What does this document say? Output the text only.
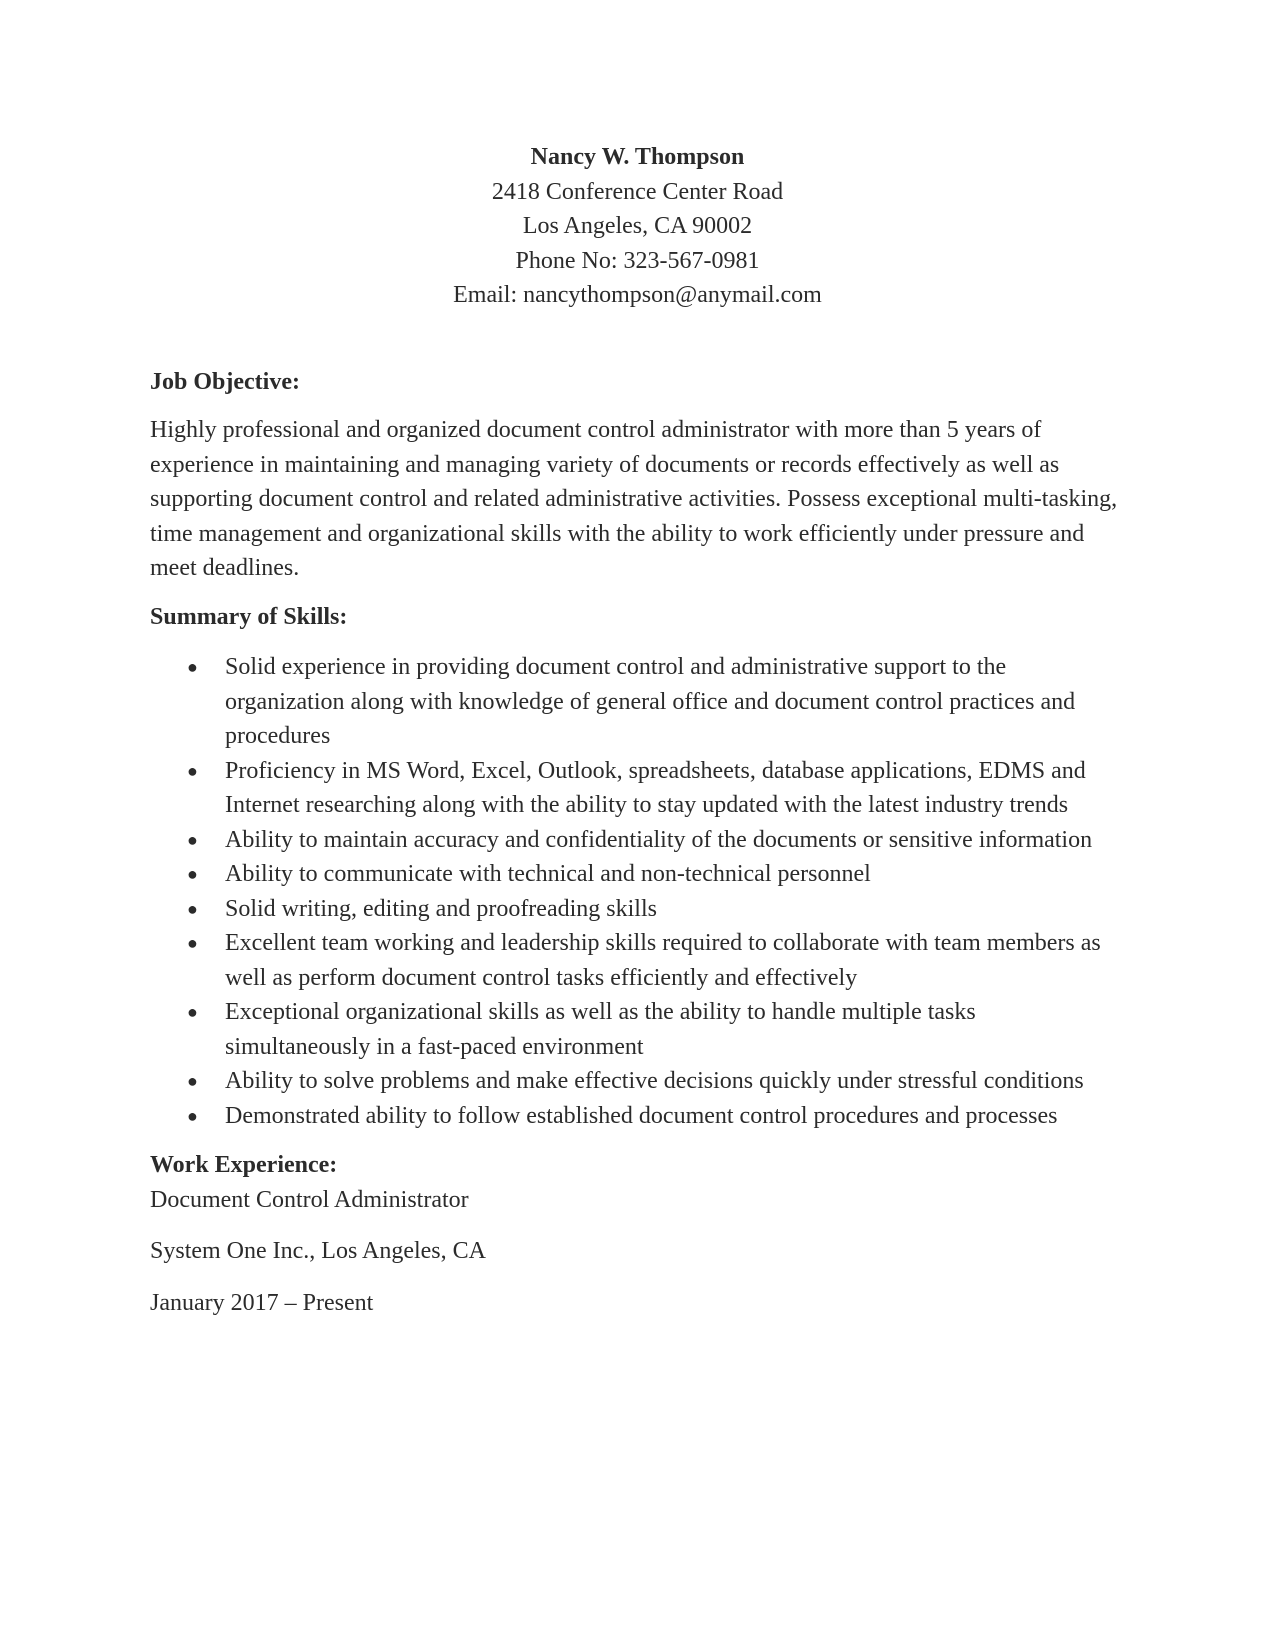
Nancy W. Thompson
2418 Conference Center Road
Los Angeles, CA 90002
Phone No: 323-567-0981
Email: nancythompson@anymail.com
Job Objective:

Highly professional and organized document control administrator with more than 5 years of experience in maintaining and managing variety of documents or records effectively as well as supporting document control and related administrative activities. Possess exceptional multi-tasking, time management and organizational skills with the ability to work efficiently under pressure and meet deadlines.

Summary of Skills:
● Solid experience in providing document control and administrative support to the organization along with knowledge of general office and document control practices and procedures
● Proficiency in MS Word, Excel, Outlook, spreadsheets, database applications, EDMS and Internet researching along with the ability to stay updated with the latest industry trends
● Ability to maintain accuracy and confidentiality of the documents or sensitive information
● Ability to communicate with technical and non-technical personnel
● Solid writing, editing and proofreading skills
● Excellent team working and leadership skills required to collaborate with team members as well as perform document control tasks efficiently and effectively
● Exceptional organizational skills as well as the ability to handle multiple tasks simultaneously in a fast-paced environment
● Ability to solve problems and make effective decisions quickly under stressful conditions
● Demonstrated ability to follow established document control procedures and processes
Work Experience:
Document Control Administrator
System One Inc., Los Angeles, CA
January 2017 – Present
